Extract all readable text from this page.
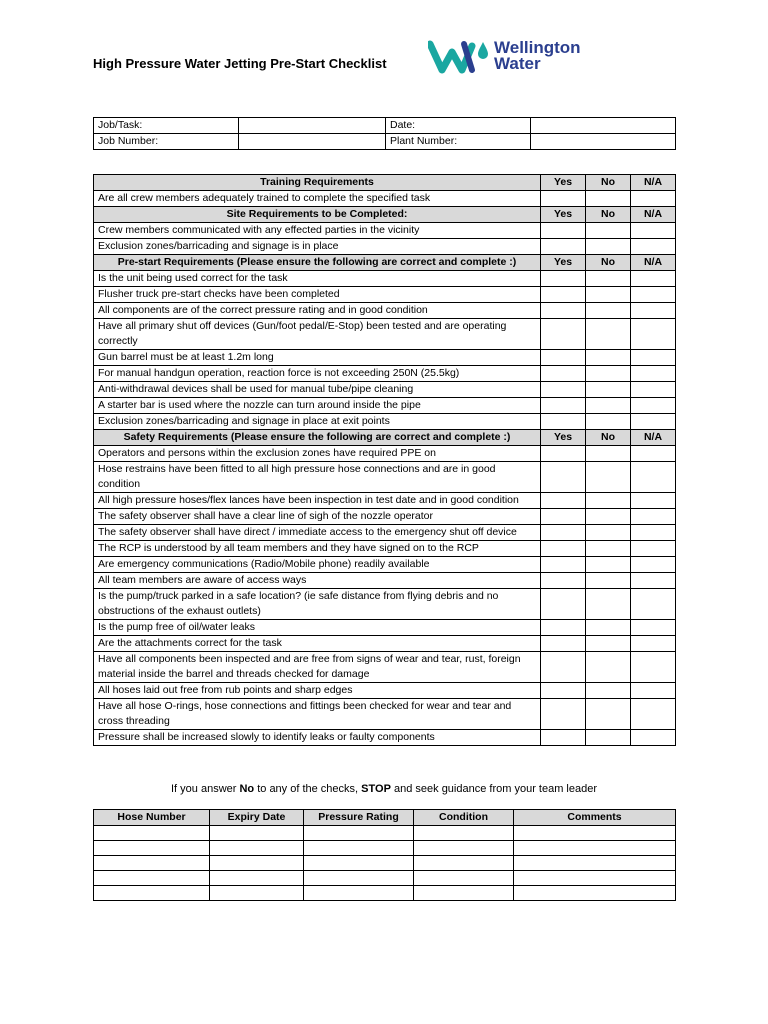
High Pressure Water Jetting Pre-Start Checklist
Wellington
Water
Job/Task:		Date:	
Job Number:		Plant Number:	
Training Requirements	Yes	No	N/A
Are all crew members adequately trained to complete the specified task			
Site Requirements to be Completed:	Yes	No	N/A
Crew members communicated with any effected parties in the vicinity			
Exclusion zones/barricading and signage is in place			
Pre-start Requirements (Please ensure the following are correct and complete :)	Yes	No	N/A
Is the unit being used correct for the task			
Flusher truck pre-start checks have been completed			
All components are of the correct pressure rating and in good condition			
Have all primary shut off devices (Gun/foot pedal/E-Stop) been tested and are operating correctly			
Gun barrel must be at least 1.2m long			
For manual handgun operation, reaction force is not exceeding 250N (25.5kg)			
Anti-withdrawal devices shall be used for manual tube/pipe cleaning			
A starter bar is used where the nozzle can turn around inside the pipe			
Exclusion zones/barricading and signage in place at exit points			
Safety Requirements (Please ensure the following are correct and complete :)	Yes	No	N/A
Operators and persons within the exclusion zones have required PPE on			
Hose restrains have been fitted to all high pressure hose connections and are in good condition			
All high pressure hoses/flex lances have been inspection in test date and in good condition			
The safety observer shall have a clear line of sigh of the nozzle operator			
The safety observer shall have direct / immediate access to the emergency shut off device			
The RCP is understood by all team members and they have signed on to the RCP			
Are emergency communications (Radio/Mobile phone) readily available			
All team members are aware of access ways			
Is the pump/truck parked in a safe location? (ie safe distance from flying debris and no obstructions of the exhaust outlets)			
Is the pump free of oil/water leaks			
Are the attachments correct for the task			
Have all components been inspected and are free from signs of wear and tear, rust, foreign material inside the barrel and threads checked for damage			
All hoses laid out free from rub points and sharp edges			
Have all hose O-rings, hose connections and fittings been checked for wear and tear and cross threading			
Pressure shall be increased slowly to identify leaks or faulty components			
If you answer No to any of the checks, STOP and seek guidance from your team leader
Hose Number	Expiry Date	Pressure Rating	Condition	Comments
